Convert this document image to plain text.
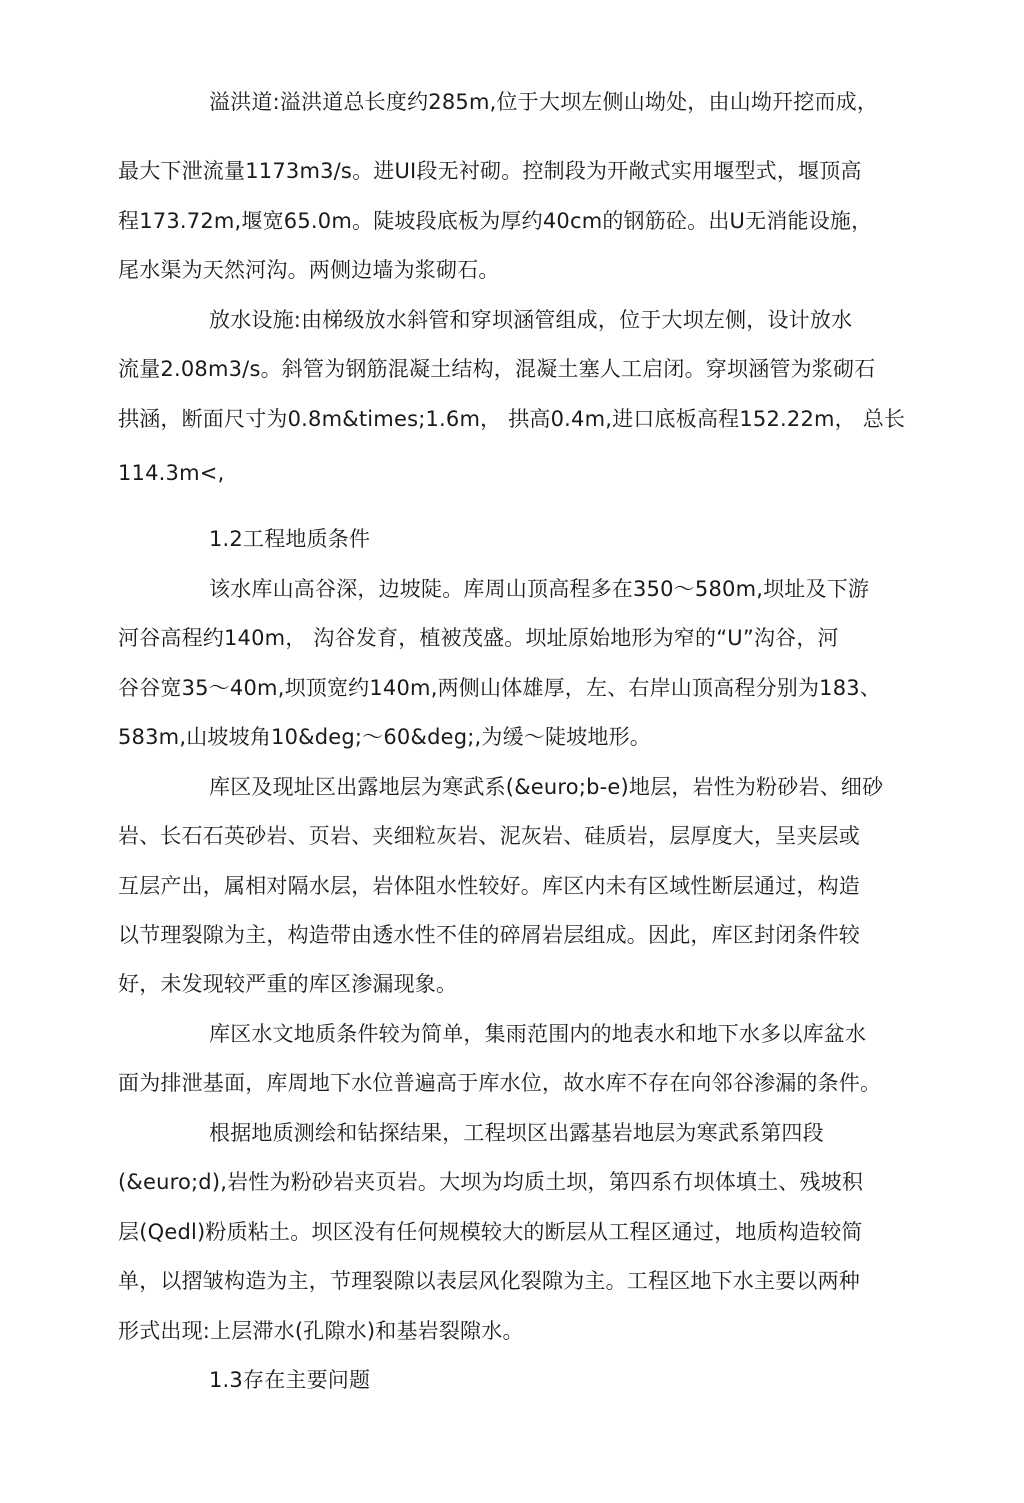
溢洪道:溢洪道总长度约285m,位于大坝左侧山坳处，由山坳幵挖而成，
最大下泄流量1173m3/s。进UI段无衬砌。控制段为开敞式实用堰型式，堰顶高
程173.72m,堰宽65.0m。陡坡段底板为厚约40cm的钢筋砼。出U无消能设施，
尾水渠为天然河沟。两侧边墙为浆砌石。
放水设施:由梯级放水斜管和穿坝涵管组成，位于大坝左侧，设计放水
流量2.08m3/s。斜管为钢筋混凝土结构，混凝土塞人工启闭。穿坝涵管为浆砌石
拱涵，断面尺寸为0.8m&times;1.6m， 拱高0.4m,进口底板高程152.22m， 总长
114.3m<,
1.2工程地质条件
该水库山高谷深，边坡陡。库周山顶高程多在350～580m,坝址及下游
河谷高程约140m， 沟谷发育，植被茂盛。坝址原始地形为窄的“U”沟谷，河
谷谷宽35～40m,坝顶宽约140m,两侧山体雄厚，左、右岸山顶高程分别为183、
583m,山坡坡角10&deg;～60&deg;,为缓～陡坡地形。
库区及现址区出露地层为寒武系(&euro;b-e)地层，岩性为粉砂岩、细砂
岩、长石石英砂岩、页岩、夹细粒灰岩、泥灰岩、硅质岩，层厚度大，呈夹层或
互层产出，属相对隔水层，岩体阻水性较好。库区内未有区域性断层通过，构造
以节理裂隙为主，构造带由透水性不佳的碎屑岩层组成。因此，库区封闭条件较
好，未发现较严重的库区渗漏现象。
库区水文地质条件较为简单，集雨范围内的地表水和地下水多以库盆水
面为排泄基面，库周地下水位普遍高于库水位，故水库不存在向邻谷渗漏的条件。
根据地质测绘和钻探结果，工程坝区出露基岩地层为寒武系第四段
(&euro;d),岩性为粉砂岩夹页岩。大坝为均质土坝，第四系冇坝体填土、残坡积
层(Qedl)粉质粘土。坝区没有任何规模较大的断层从工程区通过，地质构造较简
单，以摺皱构造为主，节理裂隙以表层风化裂隙为主。工程区地下水主要以两种
形式出现:上层滞水(孔隙水)和基岩裂隙水。
1.3存在主要问题
